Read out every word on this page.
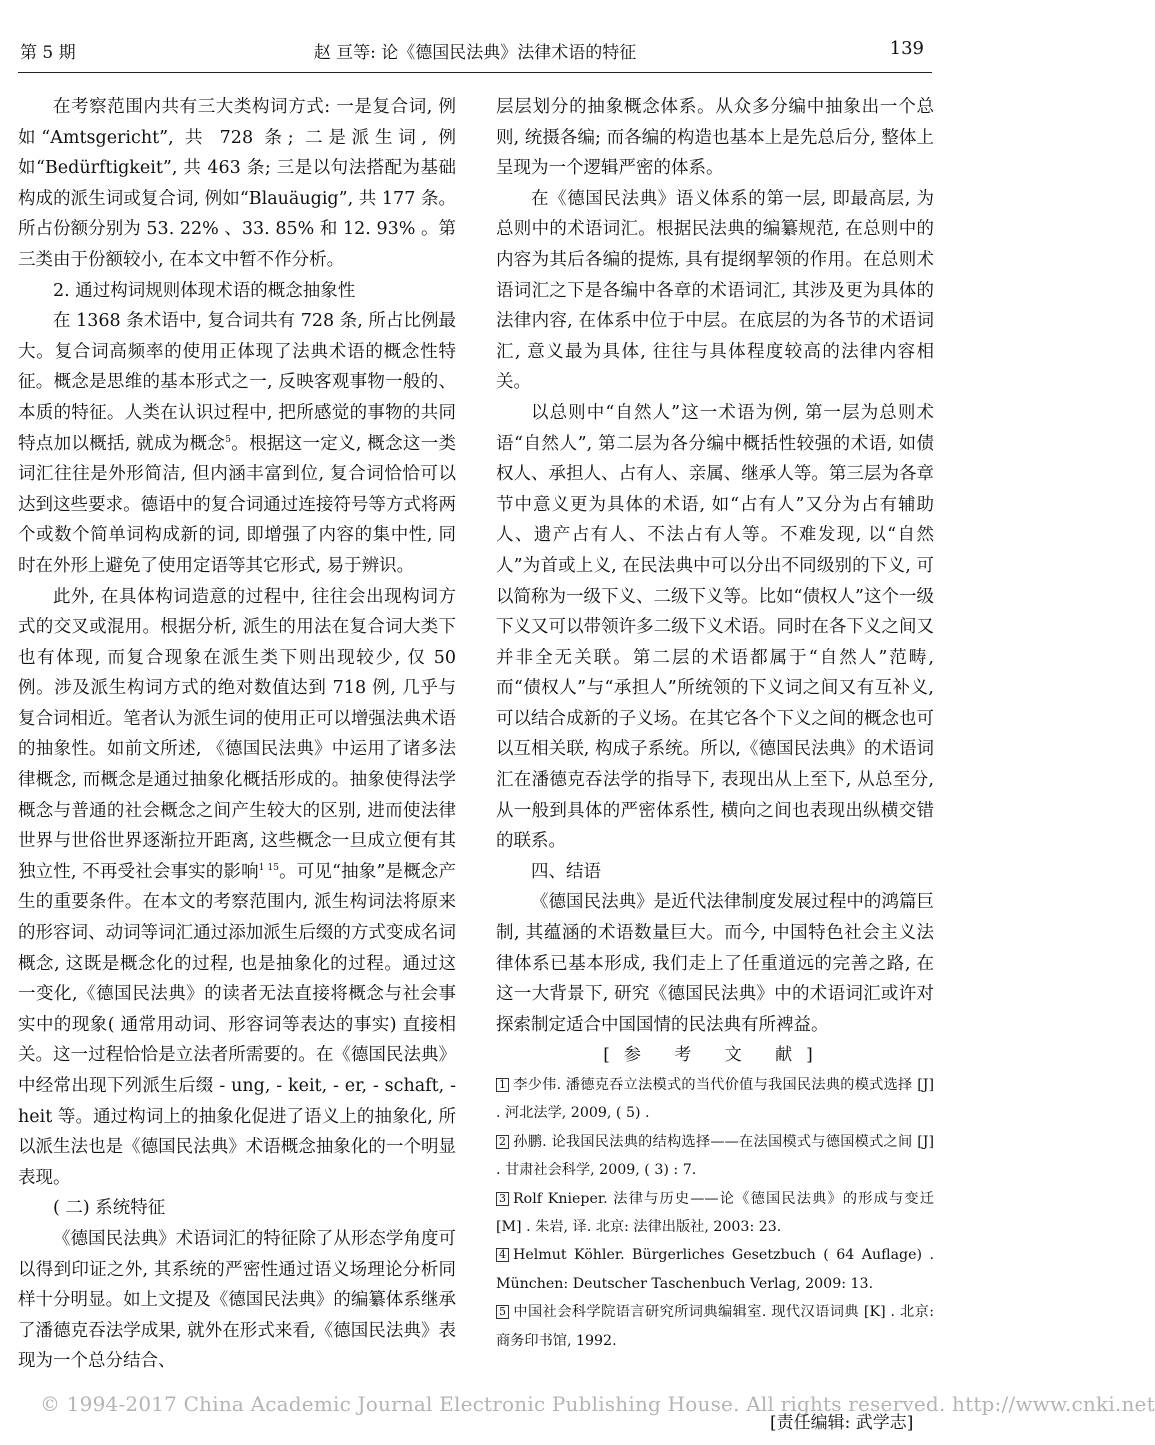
第 5 期	赵 亘等: 论《德国民法典》法律术语的特征	139

在考察范围内共有三大类构词方式: 一是复合词, 例如“Amtsgericht”, 共 728 条; 二是派生词, 例如“Bedürftigkeit”, 共 463 条; 三是以句法搭配为基础构成的派生词或复合词, 例如“Blauäugig”, 共 177 条。所占份额分别为 53. 22% 、33. 85% 和 12. 93% 。第三类由于份额较小, 在本文中暂不作分析。

2. 通过构词规则体现术语的概念抽象性

在 1368 条术语中, 复合词共有 728 条, 所占比例最大。复合词高频率的使用正体现了法典术语的概念性特征。概念是思维的基本形式之一, 反映客观事物一般的、本质的特征。人类在认识过程中, 把所感觉的事物的共同特点加以概括, 就成为概念$^5$。根据这一定义, 概念这一类词汇往往是外形简洁, 但内涵丰富到位, 复合词恰恰可以达到这些要求。德语中的复合词通过连接符号等方式将两个或数个简单词构成新的词, 即增强了内容的集中性, 同时在外形上避免了使用定语等其它形式, 易于辨识。

此外, 在具体构词造意的过程中, 往往会出现构词方式的交叉或混用。根据分析, 派生的用法在复合词大类下也有体现, 而复合现象在派生类下则出现较少, 仅 50 例。涉及派生构词方式的绝对数值达到 718 例, 几乎与复合词相近。笔者认为派生词的使用正可以增强法典术语的抽象性。如前文所述, 《德国民法典》中运用了诸多法律概念, 而概念是通过抽象化概括形成的。抽象使得法学概念与普通的社会概念之间产生较大的区别, 进而使法律世界与世俗世界逐渐拉开距离, 这些概念一旦成立便有其独立性, 不再受社会事实的影响$^{1 15}$。可见“抽象”是概念产生的重要条件。在本文的考察范围内, 派生构词法将原来的形容词、动词等词汇通过添加派生后缀的方式变成名词概念, 这既是概念化的过程, 也是抽象化的过程。通过这一变化,《德国民法典》的读者无法直接将概念与社会事实中的现象( 通常用动词、形容词等表达的事实) 直接相关。这一过程恰恰是立法者所需要的。在《德国民法典》中经常出现下列派生后缀 - ung, - keit, - er, - schaft, - heit 等。通过构词上的抽象化促进了语义上的抽象化, 所以派生法也是《德国民法典》术语概念抽象化的一个明显表现。

( 二) 系统特征

《德国民法典》术语词汇的特征除了从形态学角度可以得到印证之外, 其系统的严密性通过语义场理论分析同样十分明显。如上文提及《德国民法典》的编纂体系继承了潘德克吞法学成果, 就外在形式来看,《德国民法典》表现为一个总分结合、

层层划分的抽象概念体系。从众多分编中抽象出一个总则, 统摄各编; 而各编的构造也基本上是先总后分, 整体上呈现为一个逻辑严密的体系。

在《德国民法典》语义体系的第一层, 即最高层, 为总则中的术语词汇。根据民法典的编纂规范, 在总则中的内容为其后各编的提炼, 具有提纲挈领的作用。在总则术语词汇之下是各编中各章的术语词汇, 其涉及更为具体的法律内容, 在体系中位于中层。在底层的为各节的术语词汇, 意义最为具体, 往往与具体程度较高的法律内容相关。

以总则中“自然人”这一术语为例, 第一层为总则术语“自然人”, 第二层为各分编中概括性较强的术语, 如债权人、承担人、占有人、亲属、继承人等。第三层为各章节中意义更为具体的术语, 如“占有人”又分为占有辅助人、遗产占有人、不法占有人等。不难发现, 以“自然人”为首或上义, 在民法典中可以分出不同级别的下义, 可以简称为一级下义、二级下义等。比如“债权人”这个一级下义又可以带领许多二级下义术语。同时在各下义之间又并非全无关联。第二层的术语都属于“自然人”范畴, 而“债权人”与“承担人”所统领的下义词之间又有互补义, 可以结合成新的子义场。在其它各个下义之间的概念也可以互相关联, 构成子系统。所以,《德国民法典》的术语词汇在潘德克吞法学的指导下, 表现出从上至下, 从总至分, 从一般到具体的严密体系性, 横向之间也表现出纵横交错的联系。

四、结语

《德国民法典》是近代法律制度发展过程中的鸿篇巨制, 其蕴涵的术语数量巨大。而今, 中国特色社会主义法律体系已基本形成, 我们走上了任重道远的完善之路, 在这一大背景下, 研究《德国民法典》中的术语词汇或许对探索制定适合中国国情的民法典有所裨益。

[参 考 文 献]

1 李少伟. 潘德克吞立法模式的当代价值与我国民法典的模式选择 [J] . 河北法学, 2009, ( 5) .

2 孙鹏. 论我国民法典的结构选择——在法国模式与德国模式之间 [J] . 甘肃社会科学, 2009, ( 3) : 7.

3 Rolf Knieper. 法律与历史——论《德国民法典》的形成与变迁 [M] . 朱岩, 译. 北京: 法律出版社, 2003: 23.

4 Helmut Köhler. Bürgerliches Gesetzbuch ( 64 Auflage) . München: Deutscher Taschenbuch Verlag, 2009: 13.

5 中国社会科学院语言研究所词典编辑室. 现代汉语词典 [K] . 北京: 商务印书馆, 1992.

© 1994-2017 China Academic Journal Electronic Publishing House. All rights reserved. http://www.cnki.net
[责任编辑: 武学志]
